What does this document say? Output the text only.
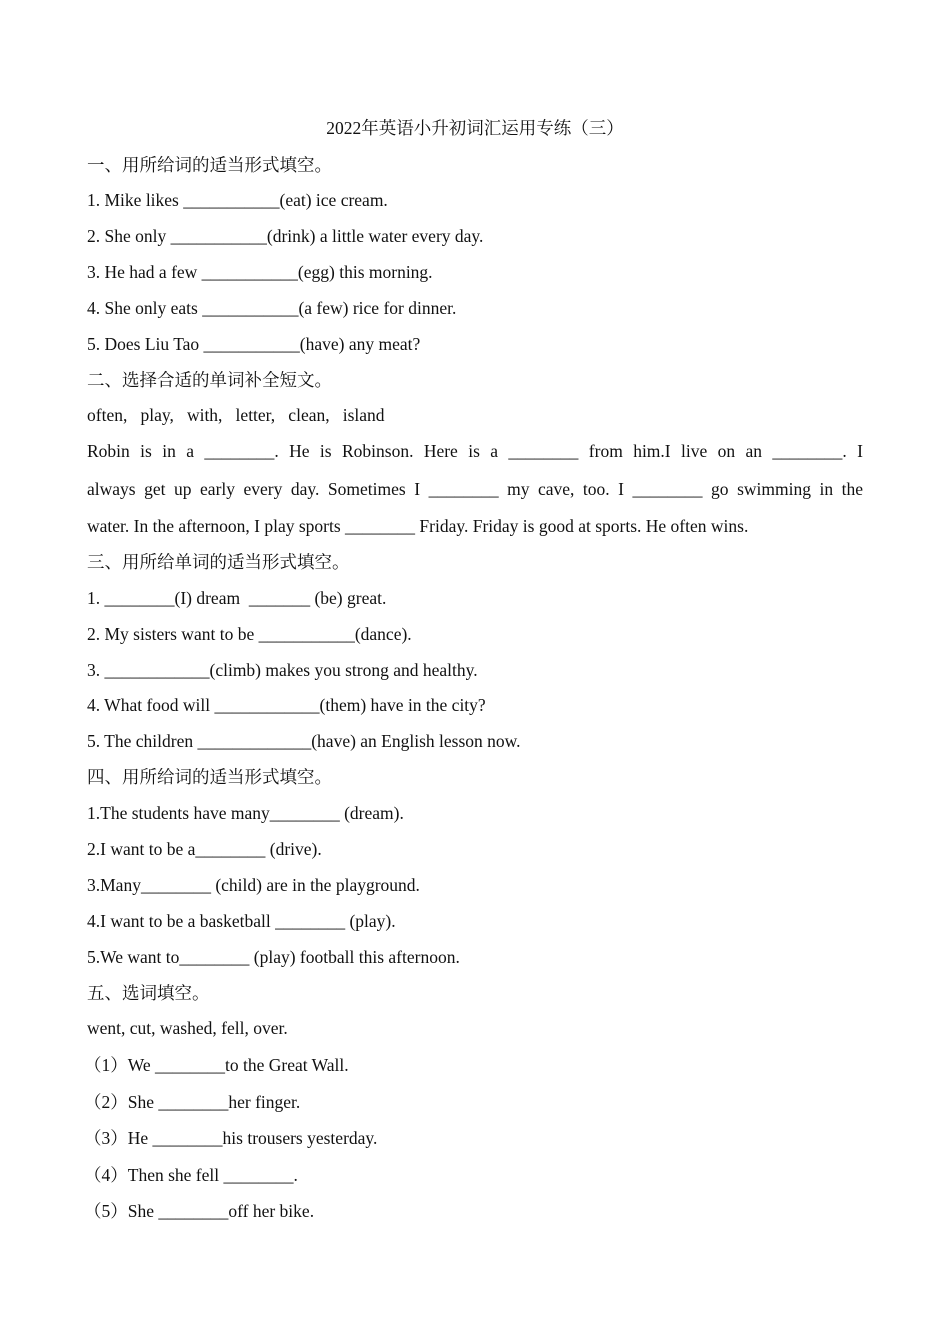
2022年英语小升初词汇运用专练（三）
一、用所给词的适当形式填空。
1. Mike likes ___________(eat) ice cream.
2. She only ___________(drink) a little water every day.
3. He had a few ___________(egg) this morning.
4. She only eats ___________(a few) rice for dinner.
5. Does Liu Tao ___________(have) any meat?
二、选择合适的单词补全短文。
often,   play,   with,   letter,   clean,   island
Robin is in a ________. He is Robinson. Here is a ________ from him.I live on an ________. I
always get up early every day. Sometimes I ________ my cave, too. I ________ go swimming in the
water. In the afternoon, I play sports ________ Friday. Friday is good at sports. He often wins.
三、用所给单词的适当形式填空。
1. ________(I) dream  _______ (be) great.
2. My sisters want to be ___________(dance).
3. ____________(climb) makes you strong and healthy.
4. What food will ____________(them) have in the city?
5. The children _____________(have) an English lesson now.
四、用所给词的适当形式填空。
1.The students have many________ (dream).
2.I want to be a________ (drive).
3.Many________ (child) are in the playground.
4.I want to be a basketball ________ (play).
5.We want to________ (play) football this afternoon.
五、选词填空。
went, cut, washed, fell, over.
（1）We ________to the Great Wall.
（2）She ________her finger.
（3）He ________his trousers yesterday.
（4）Then she fell ________.
（5）She ________off her bike.
